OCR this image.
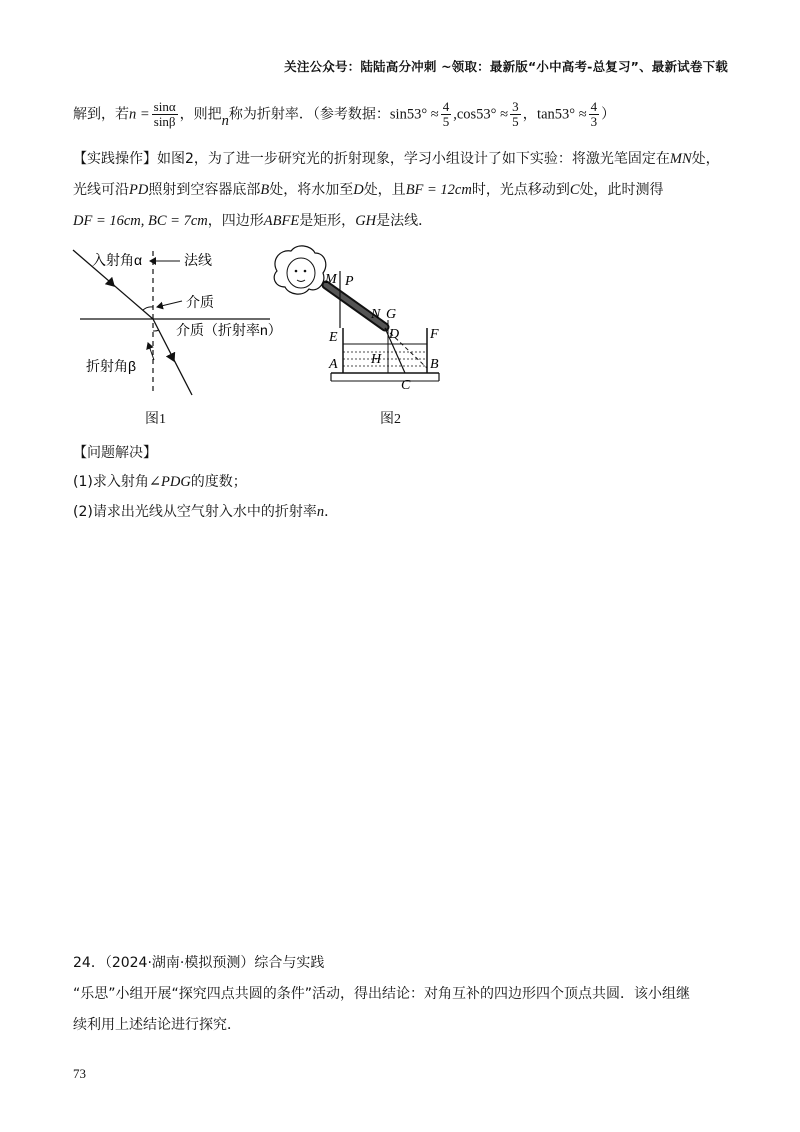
关注公众号：陆陆高分冲刺 ~领取：最新版“小中高考-总复习”、最新试卷下载
解到，若$n = \frac{\sin\alpha}{\sin\beta}$ ，则把n称为折射率．（参考数据：$\sin 53^\circ \approx \frac{4}{5} ,\cos 53^\circ \approx \frac{3}{5}$ ，$\tan 53^\circ \approx \frac{4}{3}$ ）
【实践操作】如图2，为了进一步研究光的折射现象，学习小组设计了如下实验：将激光笔固定在MN处，
光线可沿PD照射到空容器底部B处，将水加至D处，且BF = 12cm时，光点移动到C处，此时测得
DF = 16cm, BC = 7cm，四边形ABFE是矩形，GH是法线．
入射角α	法线
介质
介质（折射率n）
折射角β
图1
M P
N G
E	D F
A H	B
C
图2
【问题解决】
(1)求入射角∠PDG的度数；
(2)请求出光线从空气射入水中的折射率n．
24．（2024·湖南·模拟预测）综合与实践
“乐思”小组开展“探究四点共圆的条件”活动，得出结论：对角互补的四边形四个顶点共圆．该小组继
续利用上述结论进行探究．
73
